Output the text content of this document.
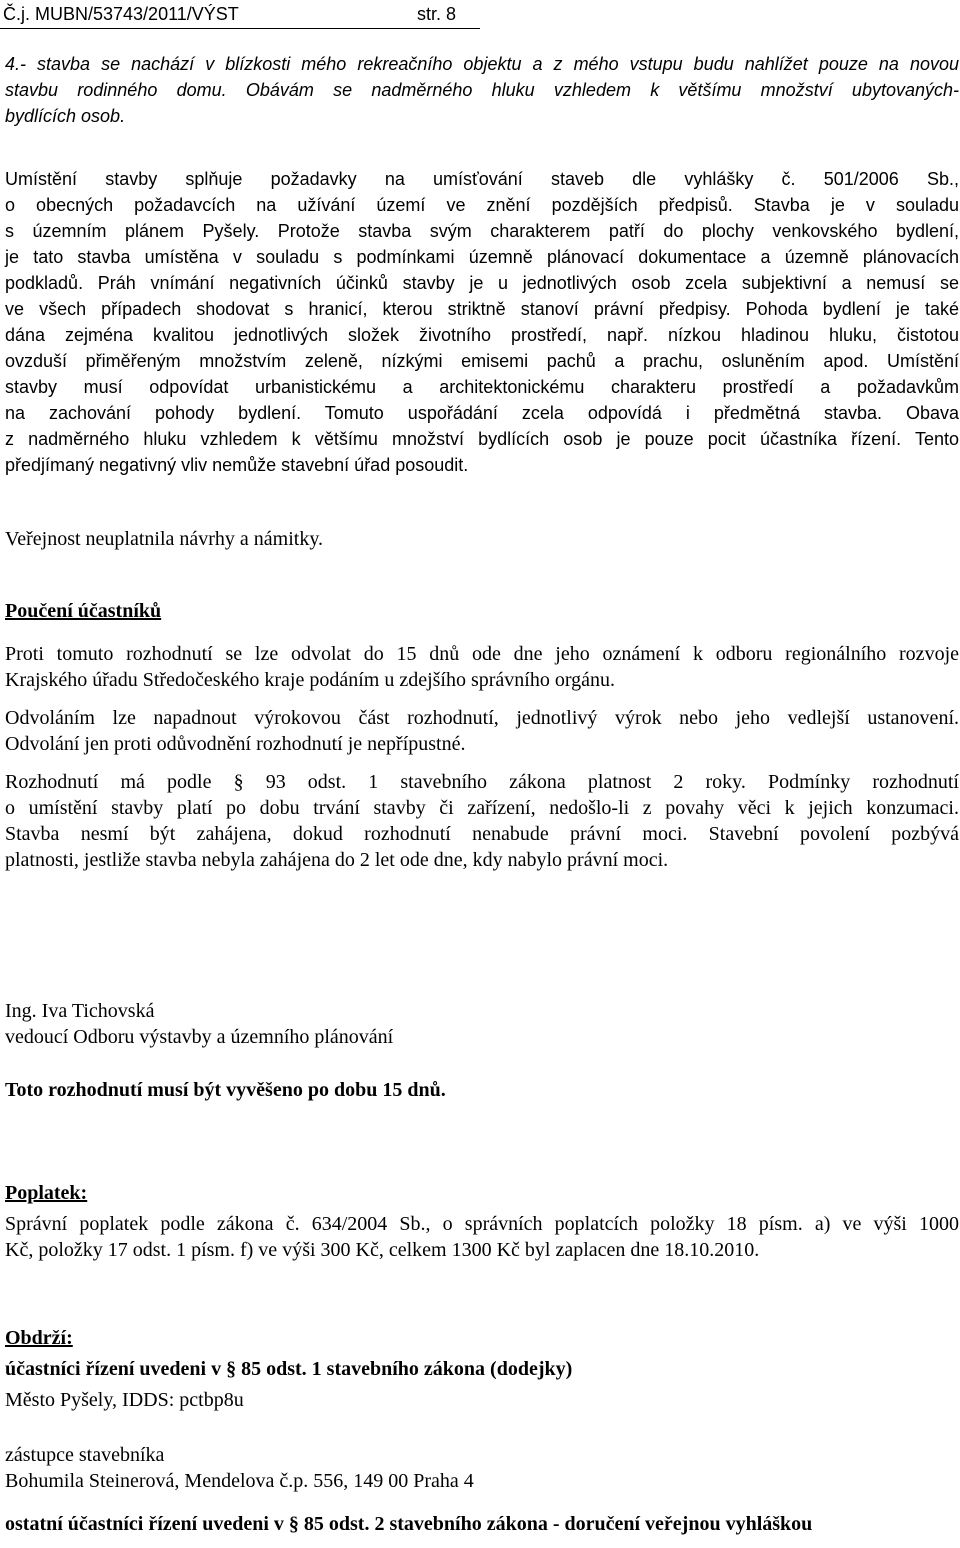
Č.j. MUBN/53743/2011/VÝST	str. 8
4.- stavba se nachází v blízkosti mého rekreačního objektu a z mého vstupu budu nahlížet pouze na novou
stavbu rodinného domu. Obávám se nadměrného hluku vzhledem k většímu množství ubytovaných-
bydlících osob.
Umístění stavby splňuje požadavky na umísťování staveb dle vyhlášky č. 501/2006 Sb.,
o obecných požadavcích na užívání území ve znění pozdějších předpisů. Stavba je v souladu
s územním plánem Pyšely. Protože stavba svým charakterem patří do plochy venkovského bydlení,
je tato stavba umístěna v souladu s podmínkami územně plánovací dokumentace a územně plánovacích
podkladů. Práh vnímání negativních účinků stavby je u jednotlivých osob zcela subjektivní a nemusí se
ve všech případech shodovat s hranicí, kterou striktně stanoví právní předpisy. Pohoda bydlení je také
dána zejména kvalitou jednotlivých složek životního prostředí, např. nízkou hladinou hluku, čistotou
ovzduší přiměřeným množstvím zeleně, nízkými emisemi pachů a prachu, osluněním apod. Umístění
stavby musí odpovídat urbanistickému a architektonickému charakteru prostředí a požadavkům
na zachování pohody bydlení. Tomuto uspořádání zcela odpovídá i předmětná stavba. Obava
z nadměrného hluku vzhledem k většímu množství bydlících osob je pouze pocit účastníka řízení. Tento
předjímaný negativný vliv nemůže stavební úřad posoudit.
Veřejnost neuplatnila návrhy a námitky.
Poučení účastníků
Proti tomuto rozhodnutí se lze odvolat do 15 dnů ode dne jeho oznámení k odboru regionálního rozvoje
Krajského úřadu Středočeského kraje podáním u zdejšího správního orgánu.
Odvoláním lze napadnout výrokovou část rozhodnutí, jednotlivý výrok nebo jeho vedlejší ustanovení.
Odvolání jen proti odůvodnění rozhodnutí je nepřípustné.
Rozhodnutí má podle § 93 odst. 1 stavebního zákona platnost 2 roky. Podmínky rozhodnutí
o umístění stavby platí po dobu trvání stavby či zařízení, nedošlo-li z povahy věci k jejich konzumaci.
Stavba nesmí být zahájena, dokud rozhodnutí nenabude právní moci. Stavební povolení pozbývá
platnosti, jestliže stavba nebyla zahájena do 2 let ode dne, kdy nabylo právní moci.
Ing. Iva Tichovská
vedoucí Odboru výstavby a územního plánování
Toto rozhodnutí musí být vyvěšeno po dobu 15 dnů.
Poplatek:
Správní poplatek podle zákona č. 634/2004 Sb., o správních poplatcích položky 18 písm. a) ve výši 1000
Kč, položky 17 odst. 1 písm. f) ve výši 300 Kč, celkem 1300 Kč byl zaplacen dne 18.10.2010.
Obdrží:
účastníci řízení uvedeni v § 85 odst. 1 stavebního zákona (dodejky)
Město Pyšely, IDDS: pctbp8u
zástupce stavebníka
Bohumila Steinerová, Mendelova č.p. 556, 149 00 Praha 4
ostatní účastníci řízení uvedeni v § 85 odst. 2 stavebního zákona - doručení veřejnou vyhláškou
